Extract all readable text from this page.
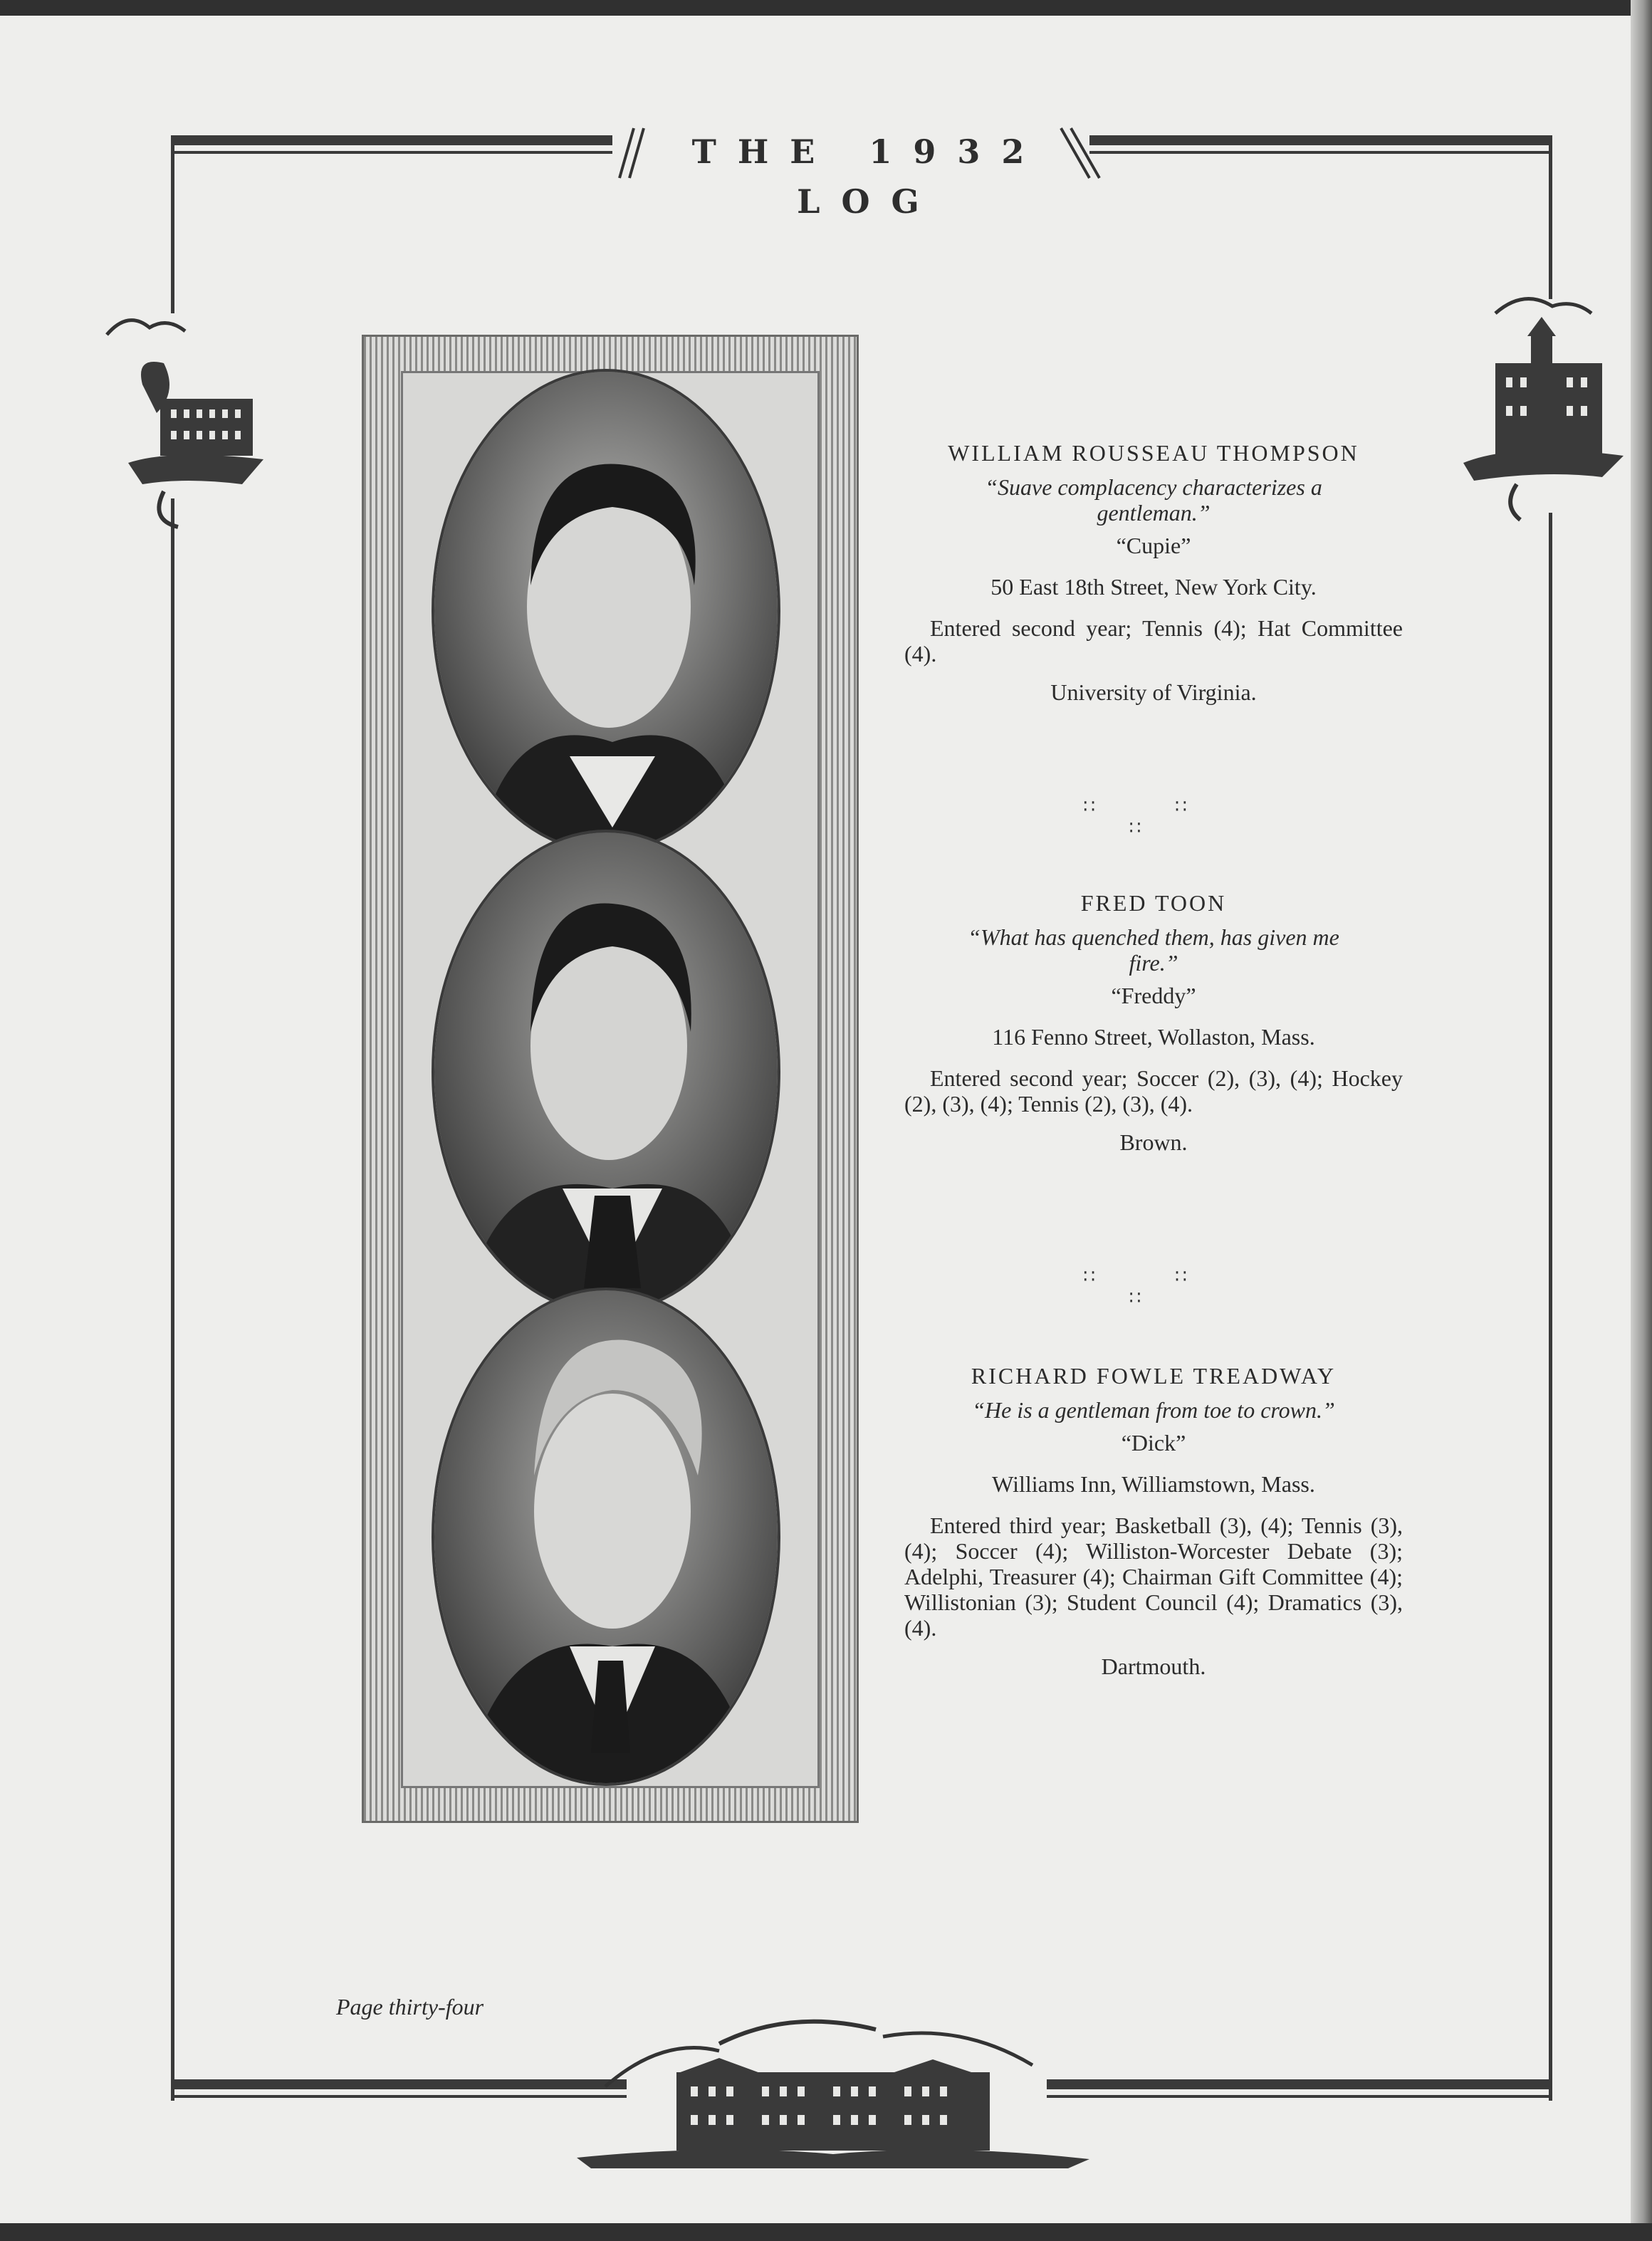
THE 1932 LOG
WILLIAM ROUSSEAU THOMPSON
“Suave complacency characterizes a gentleman.”
“Cupie”
50 East 18th Street, New York City.
Entered second year; Tennis (4); Hat Committee (4).
University of Virginia.
∷ ∷ ∷
FRED TOON
“What has quenched them, has given me fire.”
“Freddy”
116 Fenno Street, Wollaston, Mass.
Entered second year; Soccer (2), (3), (4); Hockey (2), (3), (4); Tennis (2), (3), (4).
Brown.
∷ ∷ ∷
RICHARD FOWLE TREADWAY
“He is a gentleman from toe to crown.”
“Dick”
Williams Inn, Williamstown, Mass.
Entered third year; Basketball (3), (4); Tennis (3), (4); Soccer (4); Williston-Worcester Debate (3); Adelphi, Treasurer (4); Chairman Gift Committee (4); Willistonian (3); Student Council (4); Dramatics (3), (4).
Dartmouth.
Page thirty-four
